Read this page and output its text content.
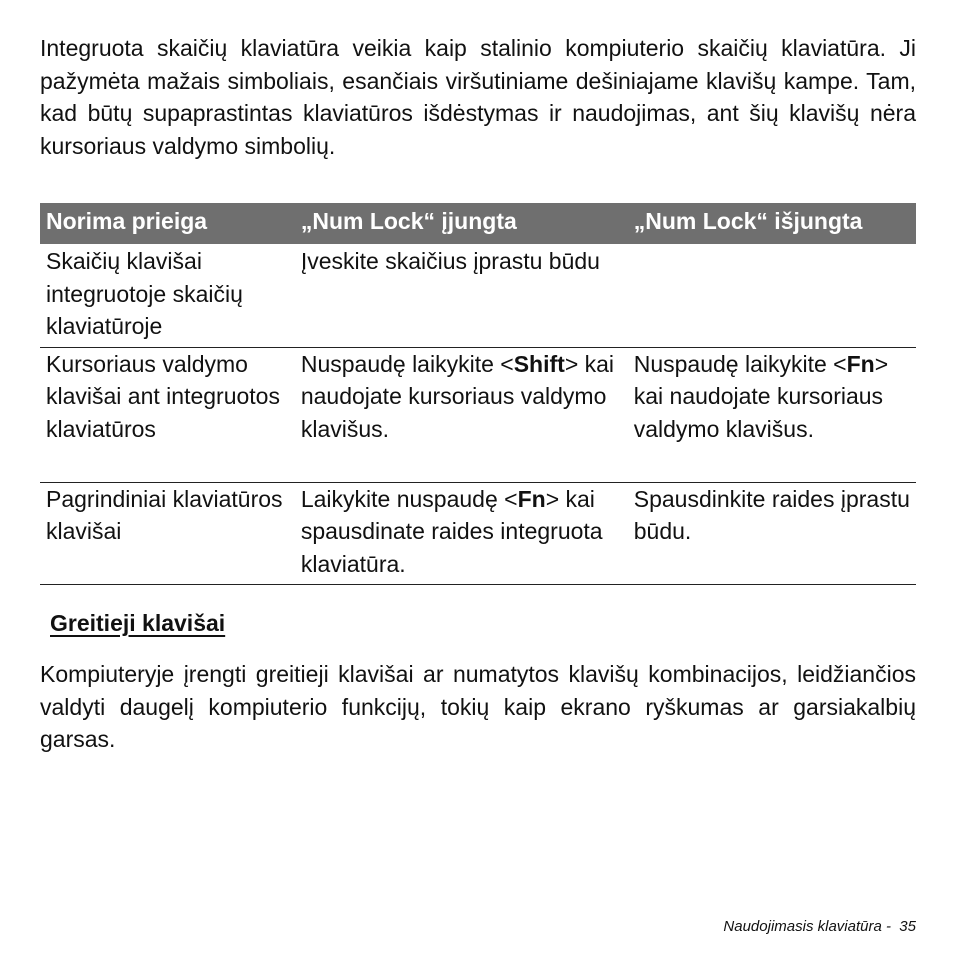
Integruota skaičių klaviatūra veikia kaip stalinio kompiuterio skaičių klaviatūra. Ji pažymėta mažais simboliais, esančiais viršutiniame dešiniajame klavišų kampe. Tam, kad būtų supaprastintas klaviatūros išdėstymas ir naudojimas, ant šių klavišų nėra kursoriaus valdymo simbolių.

Norima prieiga	„Num Lock“ įjungta	„Num Lock“ išjungta
Skaičių klavišai integruotoje skaičių klaviatūroje	Įveskite skaičius įprastu būdu	
Kursoriaus valdymo klavišai ant integruotos klaviatūros	Nuspaudę laikykite <Shift> kai naudojate kursoriaus valdymo klavišus.	Nuspaudę laikykite <Fn> kai naudojate kursoriaus valdymo klavišus.
Pagrindiniai klaviatūros klavišai	Laikykite nuspaudę <Fn> kai spausdinate raides integruota klaviatūra.	Spausdinkite raides įprastu būdu.
Greitieji klavišai

Kompiuteryje įrengti greitieji klavišai ar numatytos klavišų kombinacijos, leidžiančios valdyti daugelį kompiuterio funkcijų, tokių kaip ekrano ryškumas ar garsiakalbių garsas.

Naudojimasis klaviatūra -  35
